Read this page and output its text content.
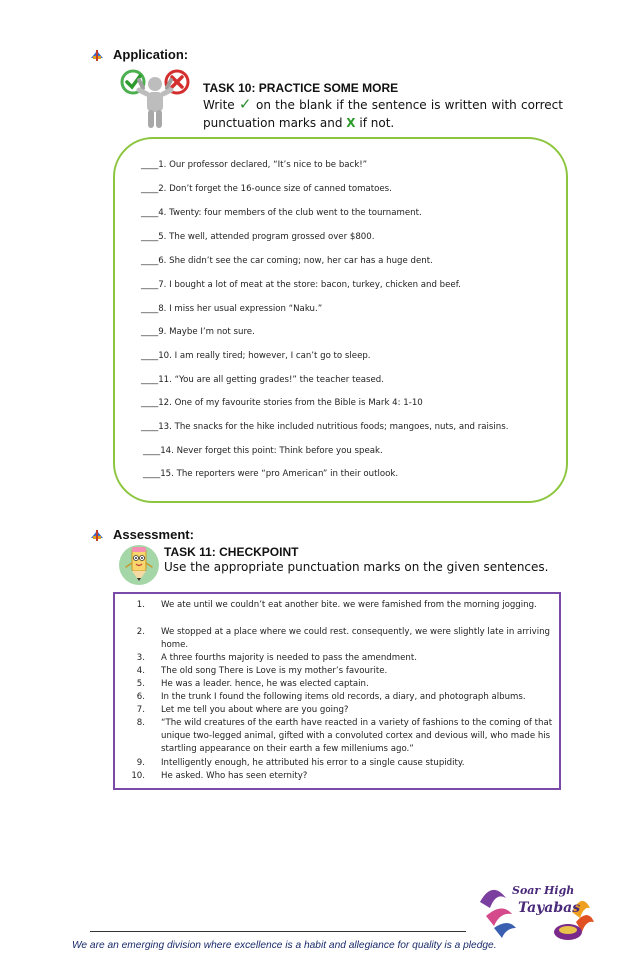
Application:
TASK 10: PRACTICE SOME MORE
Write ✓ on the blank if the sentence is written with correct punctuation marks and X if not.
____1. Our professor declared, “It’s nice to be back!”
____2. Don’t forget the 16-ounce size of canned tomatoes.
____4. Twenty: four members of the club went to the tournament.
____5. The well, attended program grossed over $800.
____6. She didn’t see the car coming; now, her car has a huge dent.
____7. I bought a lot of meat at the store: bacon, turkey, chicken and beef.
____8. I miss her usual expression “Naku.”
____9. Maybe I’m not sure.
____10. I am really tired; however, I can’t go to sleep.
____11. “You are all getting grades!” the teacher teased.
____12. One of my favourite stories from the Bible is Mark 4: 1-10
____13. The snacks for the hike included nutritious foods; mangoes, nuts, and raisins.
____14. Never forget this point: Think before you speak.
____15. The reporters were “pro American” in their outlook.
Assessment:
TASK 11: CHECKPOINT
Use the appropriate punctuation marks on the given sentences.
1. We ate until we couldn’t eat another bite. we were famished from the morning jogging.
2. We stopped at a place where we could rest. consequently, we were slightly late in arriving home.
3. A three fourths majority is needed to pass the amendment.
4. The old song There is Love is my mother’s favourite.
5. He was a leader. hence, he was elected captain.
6. In the trunk I found the following items old records, a diary, and photograph albums.
7. Let me tell you about where are you going?
8. “The wild creatures of the earth have reacted in a variety of fashions to the coming of that unique two-legged animal, gifted with a convoluted cortex and devious will, who made his startling appearance on their earth a few milleniums ago.”
9. Intelligently enough, he attributed his error to a single cause stupidity.
10. He asked. Who has seen eternity?
Soar High
Tayabas
We are an emerging division where excellence is a habit and allegiance for quality is a pledge.
